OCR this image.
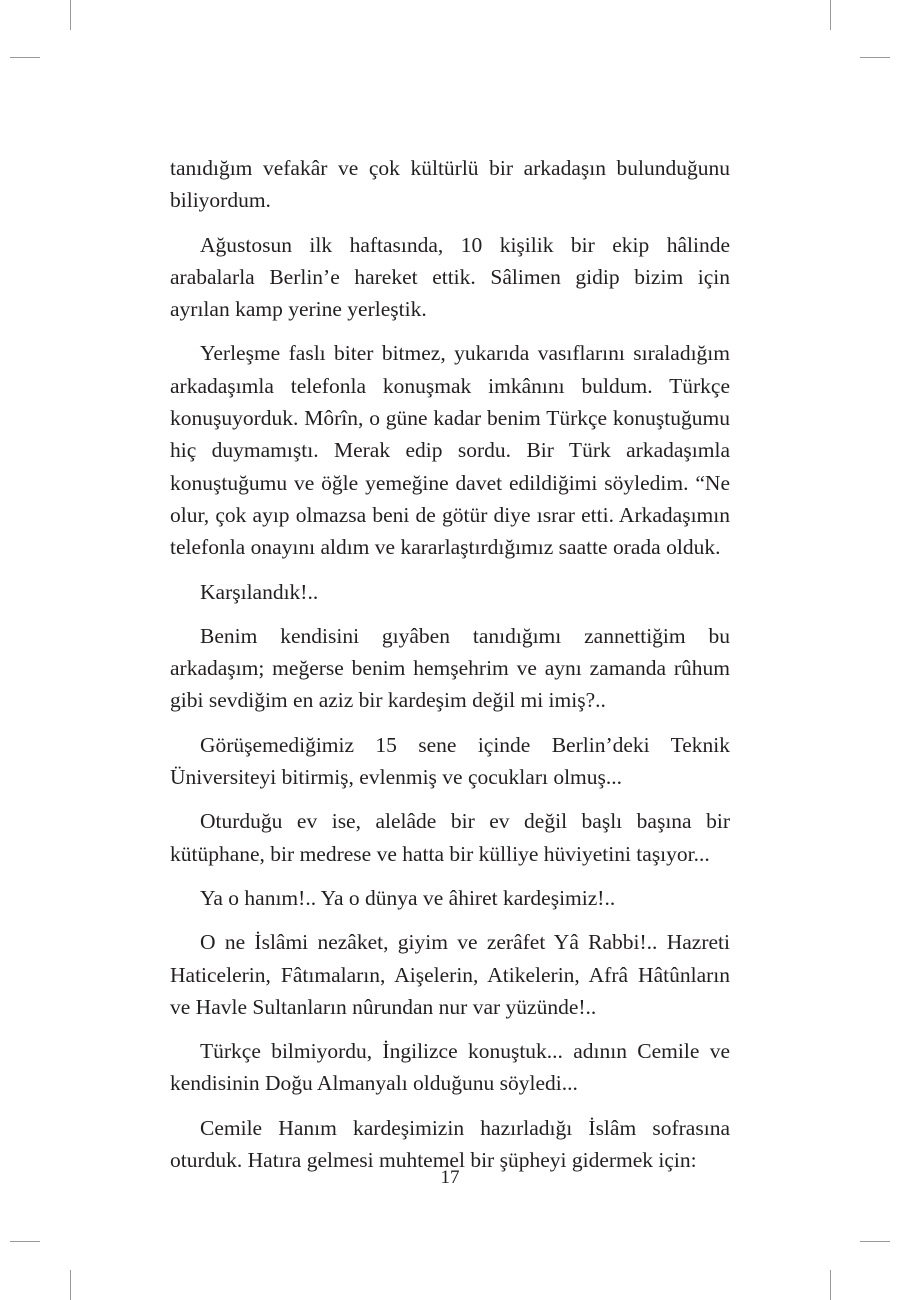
tanıdığım vefakâr ve çok kültürlü bir arkadaşın bulunduğunu biliyordum.

Ağustosun ilk haftasında, 10 kişilik bir ekip hâlinde arabalarla Berlin’e hareket ettik. Sâlimen gidip bizim için ayrılan kamp yerine yerleştik.

Yerleşme faslı biter bitmez, yukarıda vasıflarını sıraladığım arkadaşımla telefonla konuşmak imkânını buldum. Türkçe konuşuyorduk. Môrîn, o güne kadar benim Türkçe konuştuğumu hiç duymamıştı. Merak edip sordu. Bir Türk arkadaşımla konuştuğumu ve öğle yemeğine davet edildiğimi söyledim. “Ne olur, çok ayıp olmazsa beni de götür diye ısrar etti. Arkadaşımın telefonla onayını aldım ve kararlaştırdığımız saatte orada olduk.

Karşılandık!..

Benim kendisini gıyâben tanıdığımı zannettiğim bu arkadaşım; meğerse benim hemşehrim ve aynı zamanda rûhum gibi sevdiğim en aziz bir kardeşim değil mi imiş?..

Görüşemediğimiz 15 sene içinde Berlin’deki Teknik Üniversiteyi bitirmiş, evlenmiş ve çocukları olmuş...

Oturduğu ev ise, alelâde bir ev değil başlı başına bir kütüphane, bir medrese ve hatta bir külliye hüviyetini taşıyor...

Ya o hanım!.. Ya o dünya ve âhiret kardeşimiz!..

O ne İslâmi nezâket, giyim ve zerâfet Yâ Rabbi!.. Hazreti Haticelerin, Fâtımaların, Aişelerin, Atikelerin, Afrâ Hâtûnların ve Havle Sultanların nûrundan nur var yüzünde!..

Türkçe bilmiyordu, İngilizce konuştuk... adının Cemile ve kendisinin Doğu Almanyalı olduğunu söyledi...

Cemile Hanım kardeşimizin hazırladığı İslâm sofrasına oturduk. Hatıra gelmesi muhtemel bir şüpheyi gidermek için:

17
